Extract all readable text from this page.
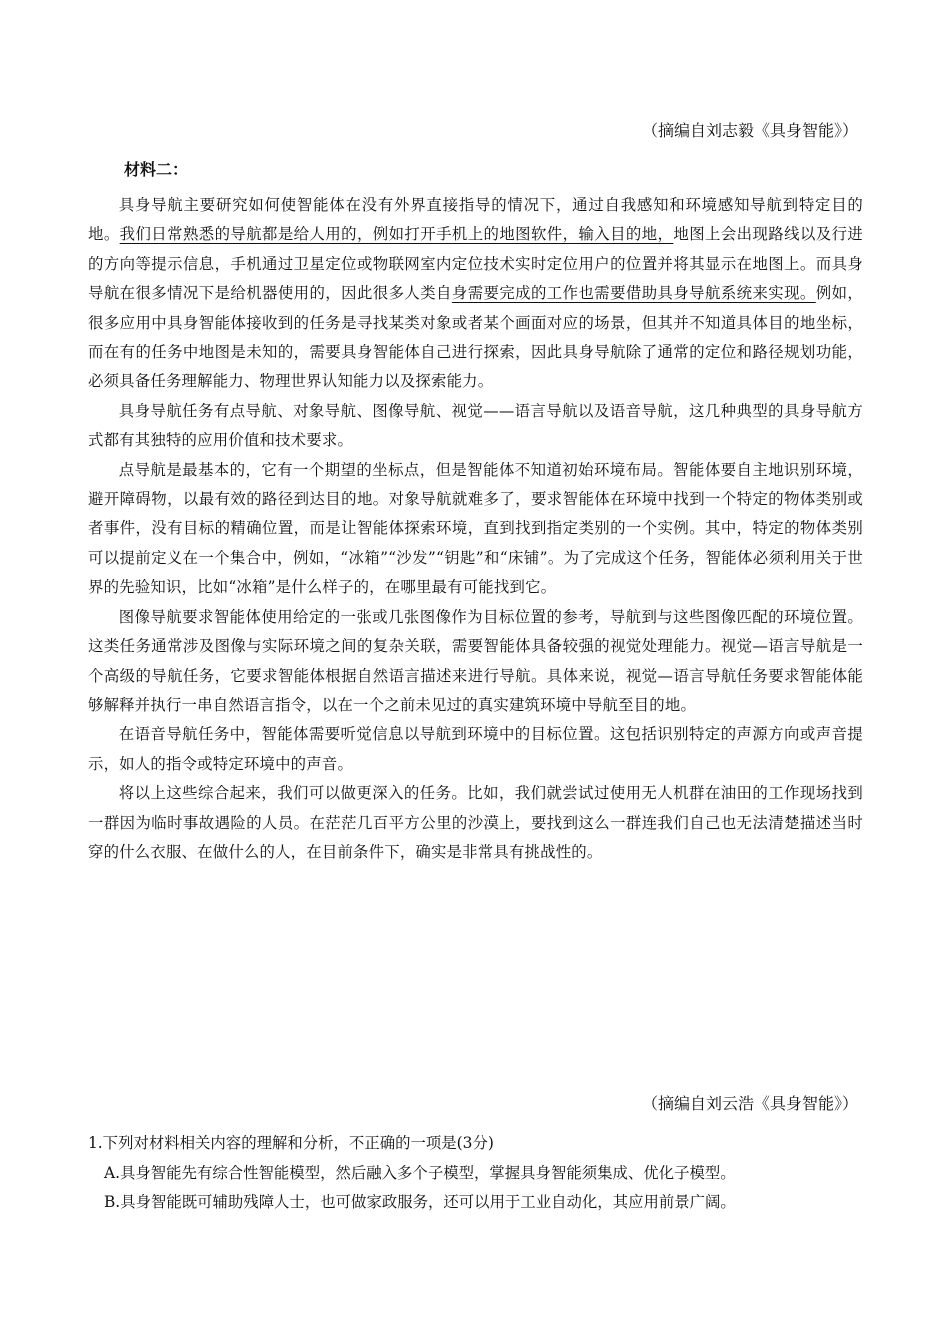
（摘编自刘志毅《具身智能》）
材料二：

具身导航主要研究如何使智能体在没有外界直接指导的情况下，通过自我感知和环境感知导航到特定目的地。我们日常熟悉的导航都是给人用的，例如打开手机上的地图软件，输入目的地，地图上会出现路线以及行进的方向等提示信息，手机通过卫星定位或物联网室内定位技术实时定位用户的位置并将其显示在地图上。而具身导航在很多情况下是给机器使用的，因此很多人类自身需要完成的工作也需要借助具身导航系统来实现。例如，很多应用中具身智能体接收到的任务是寻找某类对象或者某个画面对应的场景，但其并不知道具体目的地坐标，而在有的任务中地图是未知的，需要具身智能体自己进行探索，因此具身导航除了通常的定位和路径规划功能，必须具备任务理解能力、物理世界认知能力以及探索能力。

具身导航任务有点导航、对象导航、图像导航、视觉——语言导航以及语音导航，这几种典型的具身导航方式都有其独特的应用价值和技术要求。

点导航是最基本的，它有一个期望的坐标点，但是智能体不知道初始环境布局。智能体要自主地识别环境，避开障碍物，以最有效的路径到达目的地。对象导航就难多了，要求智能体在环境中找到一个特定的物体类别或者事件，没有目标的精确位置，而是让智能体探索环境，直到找到指定类别的一个实例。其中，特定的物体类别可以提前定义在一个集合中，例如，“冰箱”“沙发”“钥匙”和“床铺”。为了完成这个任务，智能体必须利用关于世界的先验知识，比如“冰箱”是什么样子的，在哪里最有可能找到它。

图像导航要求智能体使用给定的一张或几张图像作为目标位置的参考，导航到与这些图像匹配的环境位置。这类任务通常涉及图像与实际环境之间的复杂关联，需要智能体具备较强的视觉处理能力。视觉—语言导航是一个高级的导航任务，它要求智能体根据自然语言描述来进行导航。具体来说，视觉—语言导航任务要求智能体能够解释并执行一串自然语言指令，以在一个之前未见过的真实建筑环境中导航至目的地。

在语音导航任务中，智能体需要听觉信息以导航到环境中的目标位置。这包括识别特定的声源方向或声音提示，如人的指令或特定环境中的声音。

将以上这些综合起来，我们可以做更深入的任务。比如，我们就尝试过使用无人机群在油田的工作现场找到一群因为临时事故遇险的人员。在茫茫几百平方公里的沙漠上，要找到这么一群连我们自己也无法清楚描述当时穿的什么衣服、在做什么的人，在目前条件下，确实是非常具有挑战性的。

（摘编自刘云浩《具身智能》）
1.下列对材料相关内容的理解和分析，不正确的一项是(3分)
A.具身智能先有综合性智能模型，然后融入多个子模型，掌握具身智能须集成、优化子模型。
B.具身智能既可辅助残障人士，也可做家政服务，还可以用于工业自动化，其应用前景广阔。
